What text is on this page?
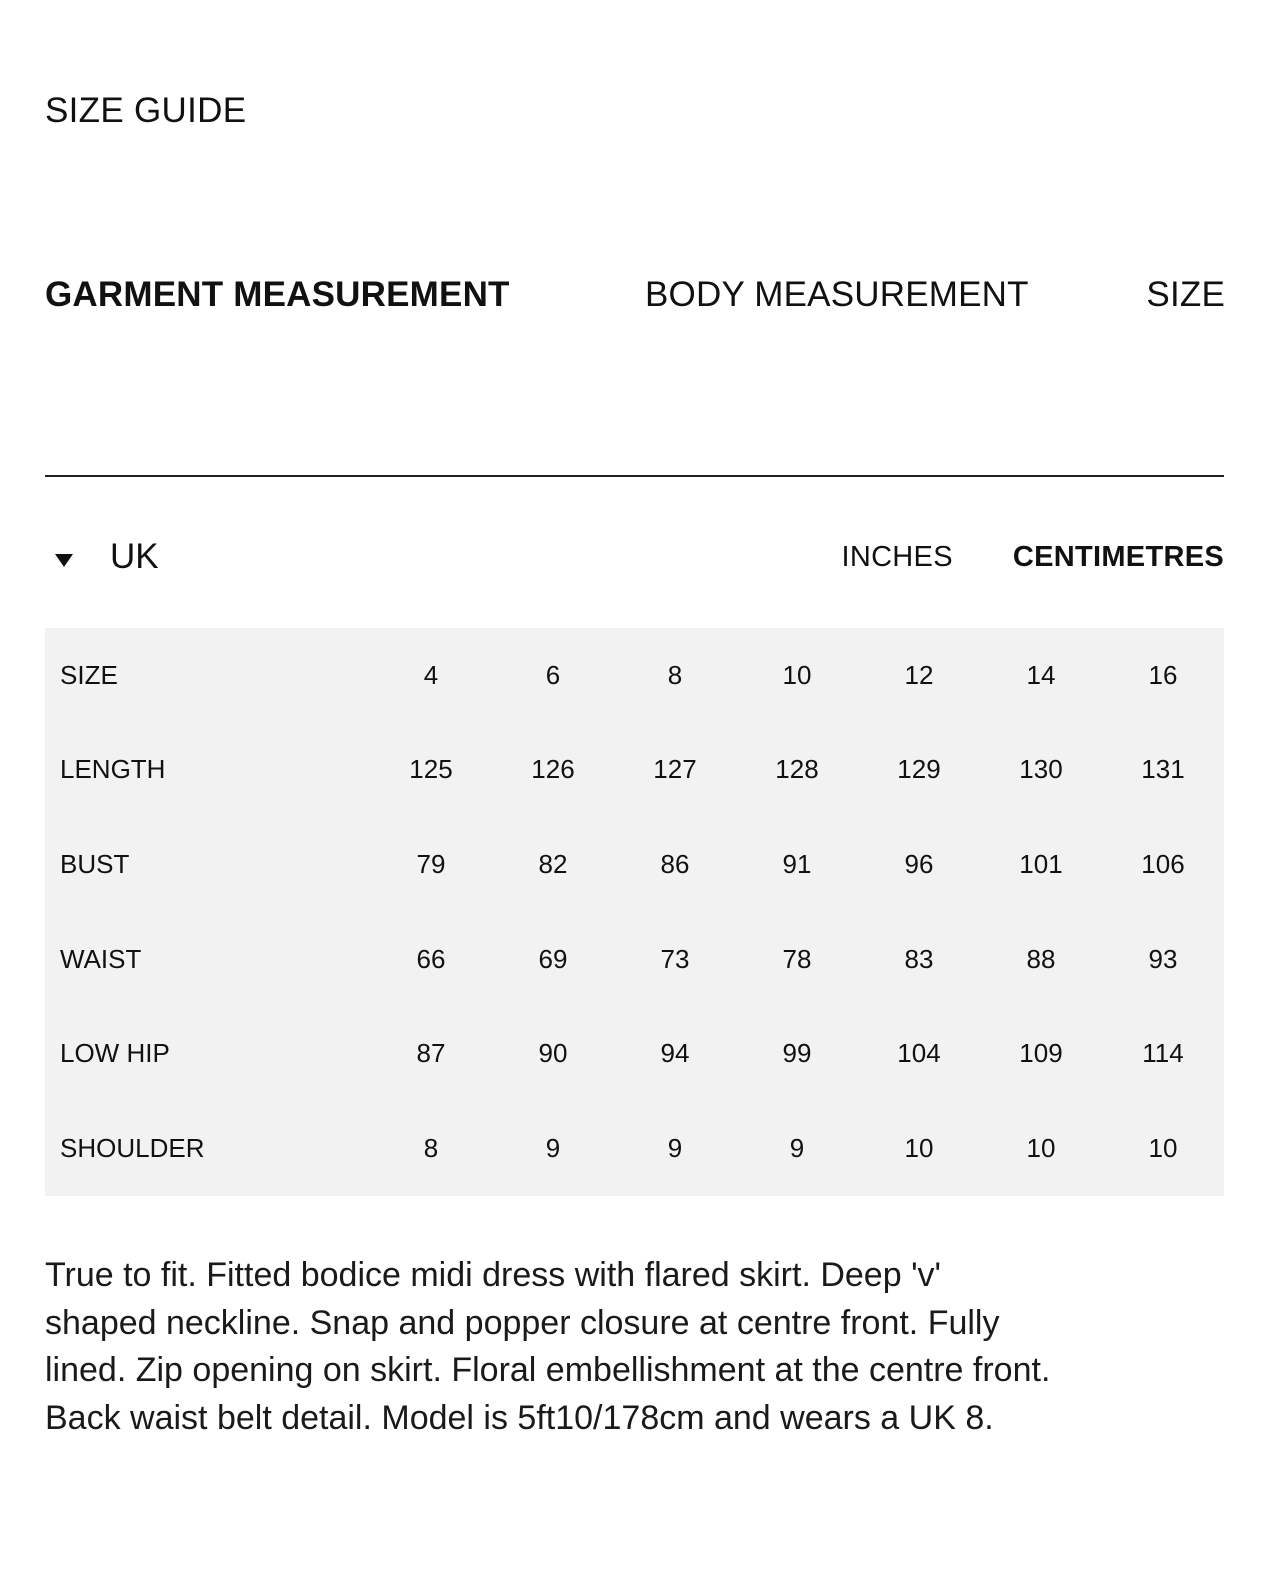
SIZE GUIDE
GARMENT MEASUREMENT	BODY MEASUREMENT	SIZE
UK	INCHES CENTIMETRES
SIZE	4	6	8	10	12	14	16
LENGTH	125	126	127	128	129	130	131
BUST	79	82	86	91	96	101	106
WAIST	66	69	73	78	83	88	93
LOW HIP	87	90	94	99	104	109	114
SHOULDER	8	9	9	9	10	10	10
True to fit. Fitted bodice midi dress with flared skirt. Deep 'v' shaped neckline. Snap and popper closure at centre front. Fully lined. Zip opening on skirt. Floral embellishment at the centre front. Back waist belt detail. Model is 5ft10/178cm and wears a UK 8.
